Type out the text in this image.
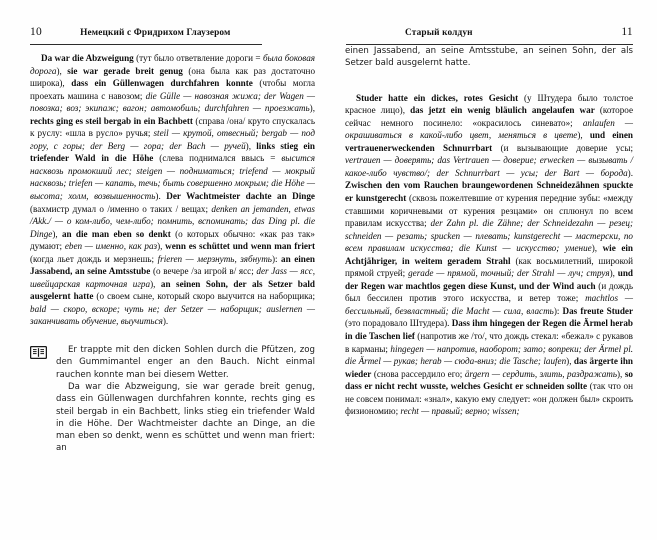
10	Немецкий с Фридрихом Глаузером

Da war die Abzweigung (тут было ответвление дороги = была боковая дорога), sie war gerade breit genug (она была как раз достаточно широка), dass ein Güllenwagen durchfahren konnte (чтобы могла проехать машина с навозом; die Gülle — навозная жижа; der Wagen — повозка; воз; экипаж; вагон; автомобиль; durchfahren — проезжать), rechts ging es steil bergab in ein Bachbett (справа /она/ круто спускалась к руслу: «шла в русло» ручья; steil — крутой, отвесный; bergab — под гору, с горы; der Berg — гора; der Bach — ручей), links stieg ein triefender Wald in die Höhe (слева поднимался ввысь = высится насквозь промокший лес; steigen — подниматься; triefend — мокрый насквозь; triefen — капать, течь; быть совершенно мокрым; die Höhe — высота; холм, возвышенность). Der Wachtmeister dachte an Dinge (вахмистр думал о /именно о таких / вещах; denken an jemanden, etwas /Akk./ — о ком-либо, чем-либо; помнить, вспоминать; das Ding pl. die Dinge), an die man eben so denkt (о которых обычно: «как раз так» думают; eben — именно, как раз), wenn es schüttet und wenn man friert (когда льет дождь и мерзнешь; frieren — мерзнуть, зябнуть): an einen Jassabend, an seine Amtsstube (о вечере /за игрой в/ ясс; der Jass — ясс, швейцарская карточная игра), an seinen Sohn, der als Setzer bald ausgelernt hatte (о своем сыне, который скоро выучится на наборщика; bald — скоро, вскоре; чуть не; der Setzer — наборщик; auslernen — заканчивать обучение, выучиться).

Er trappte mit den dicken Sohlen durch die Pfützen, zog den Gummimantel enger an den Bauch. Nicht einmal rauchen konnte man bei diesem Wetter.

Da war die Abzweigung, sie war gerade breit genug, dass ein Güllenwagen durchfahren konnte, rechts ging es steil bergab in ein Bachbett, links stieg ein triefender Wald in die Höhe. Der Wachtmeister dachte an Dinge, an die man eben so denkt, wenn es schüttet und wenn man friert: an

Старый колдун	11

einen Jassabend, an seine Amtsstube, an seinen Sohn, der als Setzer bald ausgelernt hatte.

Studer hatte ein dickes, rotes Gesicht (у Штудера было толстое красное лицо), das jetzt ein wenig bläulich angelaufen war (которое сейчас немного посинело: «окрасилось синевато»; anlaufen — окрашиваться в какой-либо цвет, меняться в цвете), und einen vertrauenerweckenden Schnurrbart (и вызывающие доверие усы; vertrauen — доверять; das Vertrauen — доверие; erwecken — вызывать /какое-либо чувство/; der Schnurrbart — усы; der Bart — борода). Zwischen den vom Rauchen braungewordenen Schneidezähnen spuckte er kunstgerecht (сквозь пожелтевшие от курения передние зубы: «между ставшими коричневыми от курения резцами» он сплюнул по всем правилам искусства; der Zahn pl. die Zähne; der Schneidezahn — резец; schneiden — резать; spucken — плевать; kunstgerecht — мастерски, по всем правилам искусства; die Kunst — искусство; умение), wie ein Achtjähriger, in weitem geradem Strahl (как восьмилетний, широкой прямой струей; gerade — прямой, точный; der Strahl — луч; струя), und der Regen war machtlos gegen diese Kunst, und der Wind auch (и дождь был бессилен против этого искусства, и ветер тоже; machtlos — бессильный, безвластный; die Macht — сила, власть): Das freute Studer (это порадовало Штудера). Dass ihm hingegen der Regen die Ärmel herab in die Taschen lief (напротив же /то/, что дождь стекал: «бежал» с рукавов в карманы; hingegen — напротив, наоборот; зато; вопреки; der Ärmel pl. die Ärmel — рукав; herab — сюда-вниз; die Tasche; laufen), das ärgerte ihn wieder (снова рассердило его; ärgern — сердить, злить, раздражать), so dass er nicht recht wusste, welches Gesicht er schneiden sollte (так что он не совсем понимал: «знал», какую ему следует: «он должен был» скроить физиономию; recht — правый; верно; wissen;
